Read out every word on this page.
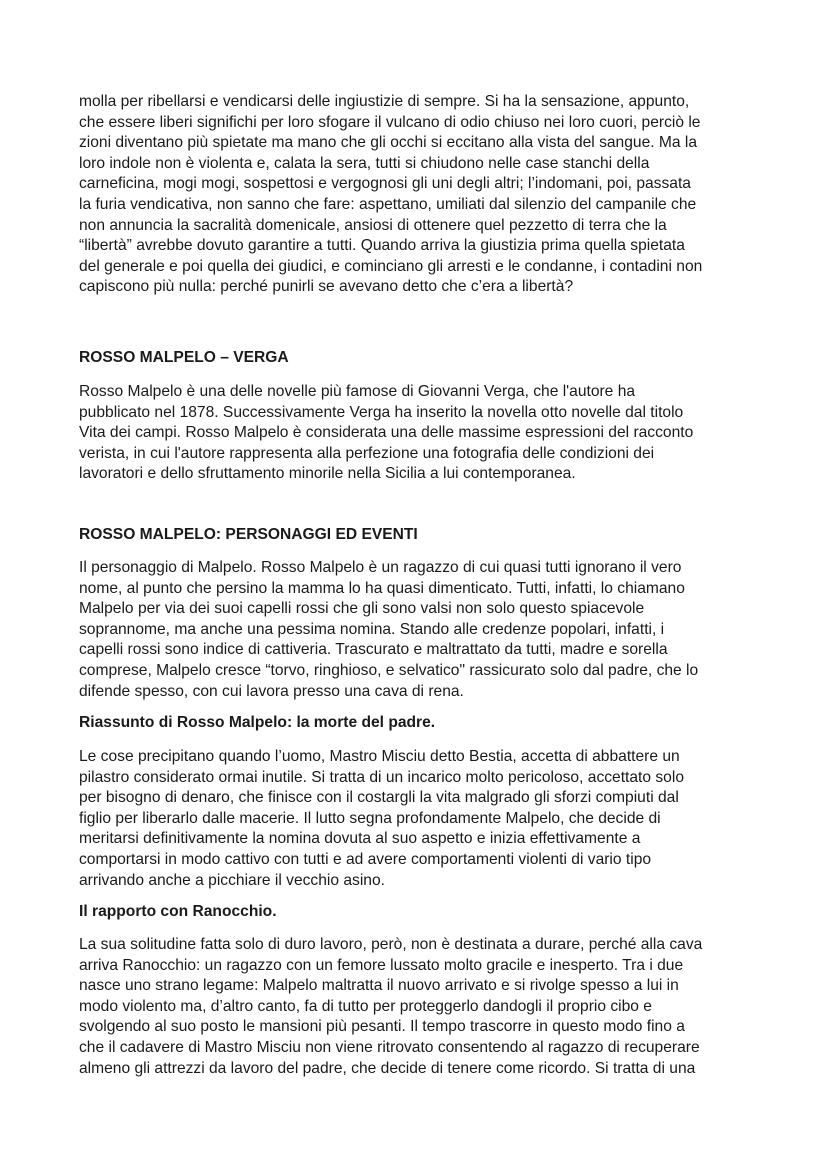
molla per ribellarsi e vendicarsi delle ingiustizie di sempre. Si ha la sensazione, appunto,
che essere liberi significhi per loro sfogare il vulcano di odio chiuso nei loro cuori, perciò le
zioni diventano più spietate ma mano che gli occhi si eccitano alla vista del sangue. Ma la
loro indole non è violenta e, calata la sera, tutti si chiudono nelle case stanchi della
carneficina, mogi mogi, sospettosi e vergognosi gli uni degli altri; l’indomani, poi, passata
la furia vendicativa, non sanno che fare: aspettano, umiliati dal silenzio del campanile che
non annuncia la sacralità domenicale, ansiosi di ottenere quel pezzetto di terra che la
“libertà” avrebbe dovuto garantire a tutti. Quando arriva la giustizia prima quella spietata
del generale e poi quella dei giudici, e cominciano gli arresti e le condanne, i contadini non
capiscono più nulla: perché punirli se avevano detto che c’era a libertà?

ROSSO MALPELO – VERGA

Rosso Malpelo è una delle novelle più famose di Giovanni Verga, che l'autore ha
pubblicato nel 1878. Successivamente Verga ha inserito la novella otto novelle dal titolo
Vita dei campi. Rosso Malpelo è considerata una delle massime espressioni del racconto
verista, in cui l'autore rappresenta alla perfezione una fotografia delle condizioni dei
lavoratori e dello sfruttamento minorile nella Sicilia a lui contemporanea.

ROSSO MALPELO: PERSONAGGI ED EVENTI

Il personaggio di Malpelo. Rosso Malpelo è un ragazzo di cui quasi tutti ignorano il vero
nome, al punto che persino la mamma lo ha quasi dimenticato. Tutti, infatti, lo chiamano
Malpelo per via dei suoi capelli rossi che gli sono valsi non solo questo spiacevole
soprannome, ma anche una pessima nomina. Stando alle credenze popolari, infatti, i
capelli rossi sono indice di cattiveria. Trascurato e maltrattato da tutti, madre e sorella
comprese, Malpelo cresce “torvo, ringhioso, e selvatico" rassicurato solo dal padre, che lo
difende spesso, con cui lavora presso una cava di rena.

Riassunto di Rosso Malpelo: la morte del padre.

Le cose precipitano quando l’uomo, Mastro Misciu detto Bestia, accetta di abbattere un
pilastro considerato ormai inutile. Si tratta di un incarico molto pericoloso, accettato solo
per bisogno di denaro, che finisce con il costargli la vita malgrado gli sforzi compiuti dal
figlio per liberarlo dalle macerie. Il lutto segna profondamente Malpelo, che decide di
meritarsi definitivamente la nomina dovuta al suo aspetto e inizia effettivamente a
comportarsi in modo cattivo con tutti e ad avere comportamenti violenti di vario tipo
arrivando anche a picchiare il vecchio asino.

Il rapporto con Ranocchio.

La sua solitudine fatta solo di duro lavoro, però, non è destinata a durare, perché alla cava
arriva Ranocchio: un ragazzo con un femore lussato molto gracile e inesperto. Tra i due
nasce uno strano legame: Malpelo maltratta il nuovo arrivato e si rivolge spesso a lui in
modo violento ma, d’altro canto, fa di tutto per proteggerlo dandogli il proprio cibo e
svolgendo al suo posto le mansioni più pesanti. Il tempo trascorre in questo modo fino a
che il cadavere di Mastro Misciu non viene ritrovato consentendo al ragazzo di recuperare
almeno gli attrezzi da lavoro del padre, che decide di tenere come ricordo. Si tratta di una
